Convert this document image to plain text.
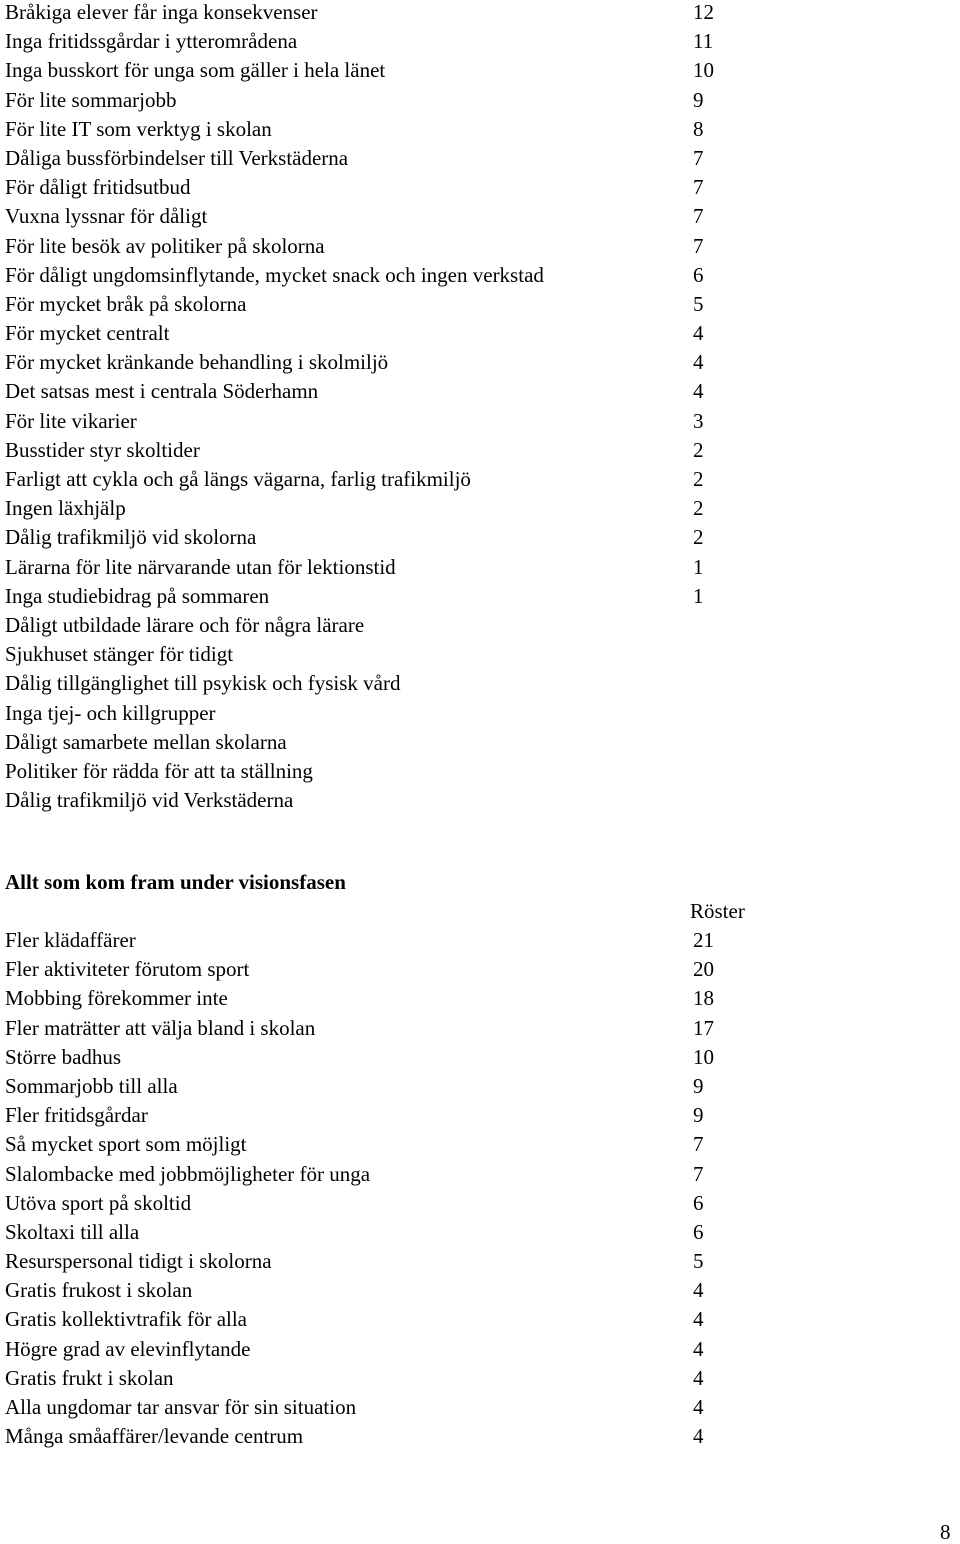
Bråkiga elever får inga konsekvenser	12
Inga fritidssgårdar i ytterområdena	11
Inga busskort för unga som gäller i hela länet	10
För lite sommarjobb	9
För lite IT som verktyg i skolan	8
Dåliga bussförbindelser till Verkstäderna	7
För dåligt fritidsutbud	7
Vuxna lyssnar för dåligt	7
För lite besök av politiker på skolorna	7
För dåligt ungdomsinflytande, mycket snack och ingen verkstad	6
För mycket bråk på skolorna	5
För mycket centralt	4
För mycket kränkande behandling i skolmiljö	4
Det satsas mest i centrala Söderhamn	4
För lite vikarier	3
Busstider styr skoltider	2
Farligt att cykla och gå längs vägarna, farlig trafikmiljö	2
Ingen läxhjälp	2
Dålig trafikmiljö vid skolorna	2
Lärarna för lite närvarande utan för lektionstid	1
Inga studiebidrag på sommaren	1
Dåligt utbildade lärare och för några lärare
Sjukhuset stänger för tidigt
Dålig tillgänglighet till psykisk och fysisk vård
Inga tjej- och killgrupper
Dåligt samarbete mellan skolarna
Politiker för rädda för att ta ställning
Dålig trafikmiljö vid Verkstäderna
Allt som kom fram under visionsfasen
Röster
Fler klädaffärer	21
Fler aktiviteter förutom sport	20
Mobbing förekommer inte	18
Fler maträtter att välja bland i skolan	17
Större badhus	10
Sommarjobb till alla	9
Fler fritidsgårdar	9
Så mycket sport som möjligt	7
Slalombacke med jobbmöjligheter för unga	7
Utöva sport på skoltid	6
Skoltaxi till alla	6
Resurspersonal tidigt i skolorna	5
Gratis frukost i skolan	4
Gratis kollektivtrafik för alla	4
Högre grad av elevinflytande	4
Gratis frukt i skolan	4
Alla ungdomar tar ansvar för sin situation	4
Många småaffärer/levande centrum	4
8
